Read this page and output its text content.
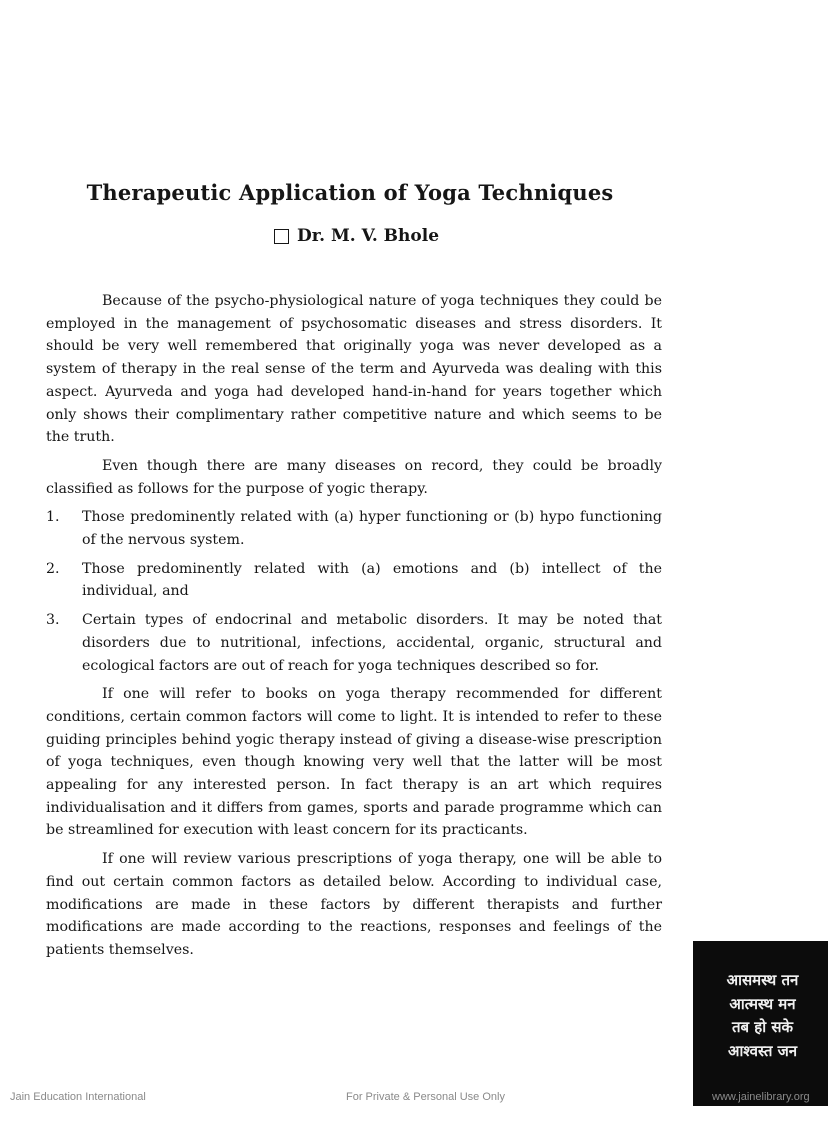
Therapeutic Application of Yoga Techniques
Dr. M. V. Bhole

Because of the psycho-physiological nature of yoga techniques they could be employed in the management of psychosomatic diseases and stress disorders. It should be very well remembered that originally yoga was never developed as a system of therapy in the real sense of the term and Ayurveda was dealing with this aspect. Ayurveda and yoga had developed hand-in-hand for years together which only shows their complimentary rather competitive nature and which seems to be the truth.

Even though there are many diseases on record, they could be broadly classified as follows for the purpose of yogic therapy.

1. Those predominently related with (a) hyper functioning or (b) hypo functioning of the nervous system.
2. Those predominently related with (a) emotions and (b) intellect of the individual, and
3. Certain types of endocrinal and metabolic disorders. It may be noted that disorders due to nutritional, infections, accidental, organic, structural and ecological factors are out of reach for yoga techniques described so for.

If one will refer to books on yoga therapy recommended for different conditions, certain common factors will come to light. It is intended to refer to these guiding principles behind yogic therapy instead of giving a disease-wise prescription of yoga techniques, even though knowing very well that the latter will be most appealing for any interested person. In fact therapy is an art which requires individualisation and it differs from games, sports and parade programme which can be streamlined for execution with least concern for its practicants.

If one will review various prescriptions of yoga therapy, one will be able to find out certain common factors as detailed below. According to individual case, modifications are made in these factors by different therapists and further modifications are made according to the reactions, responses and feelings of the patients themselves.

आसमस्थ तन
आत्मस्थ मन
तब हो सके
आश्वस्त जन
Jain Education International	For Private & Personal Use Only	www.jainelibrary.org
